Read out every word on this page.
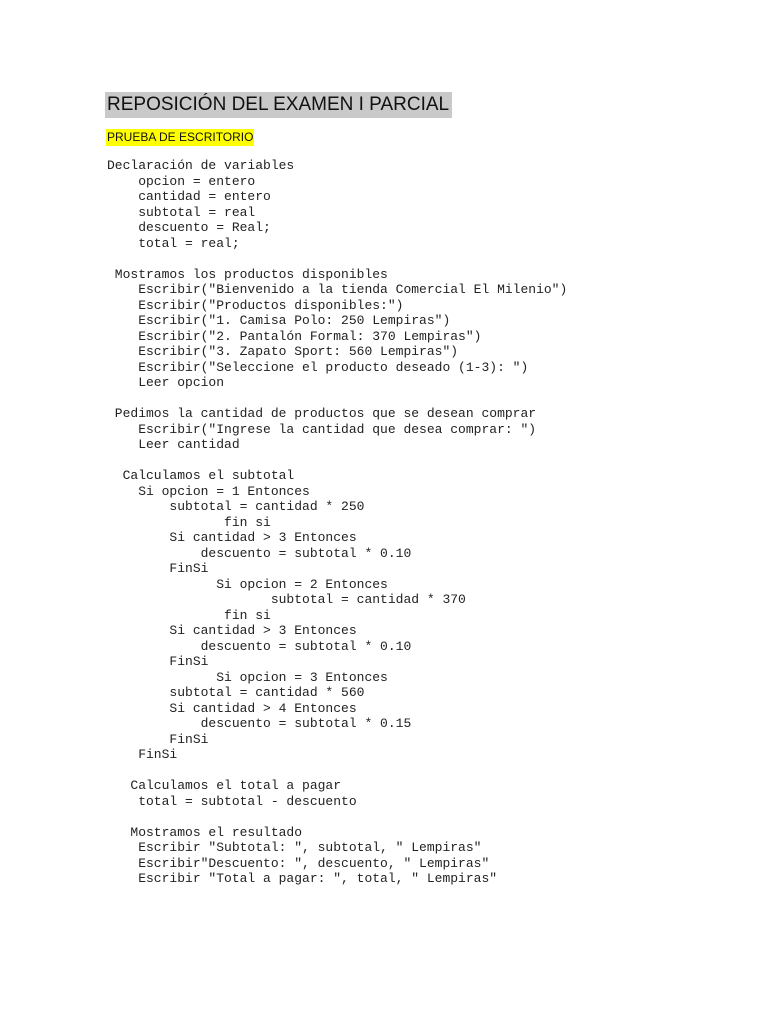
REPOSICIÓN DEL EXAMEN I PARCIAL
PRUEBA DE ESCRITORIO
Declaración de variables
opcion = entero
cantidad = entero
subtotal = real
descuento = Real;
total = real;
Mostramos los productos disponibles
Escribir("Bienvenido a la tienda Comercial El Milenio")
Escribir("Productos disponibles:")
Escribir("1. Camisa Polo: 250 Lempiras")
Escribir("2. Pantalón Formal: 370 Lempiras")
Escribir("3. Zapato Sport: 560 Lempiras")
Escribir("Seleccione el producto deseado (1-3): ")
Leer opcion
Pedimos la cantidad de productos que se desean comprar
Escribir("Ingrese la cantidad que desea comprar: ")
Leer cantidad
Calculamos el subtotal
Si opcion = 1 Entonces
subtotal = cantidad * 250
fin si
Si cantidad > 3 Entonces
descuento = subtotal * 0.10
FinSi
Si opcion = 2 Entonces
subtotal = cantidad * 370
fin si
Si cantidad > 3 Entonces
descuento = subtotal * 0.10
FinSi
Si opcion = 3 Entonces
subtotal = cantidad * 560
Si cantidad > 4 Entonces
descuento = subtotal * 0.15
FinSi
FinSi
Calculamos el total a pagar
total = subtotal - descuento
Mostramos el resultado
Escribir "Subtotal: ", subtotal, " Lempiras"
Escribir"Descuento: ", descuento, " Lempiras"
Escribir "Total a pagar: ", total, " Lempiras"
